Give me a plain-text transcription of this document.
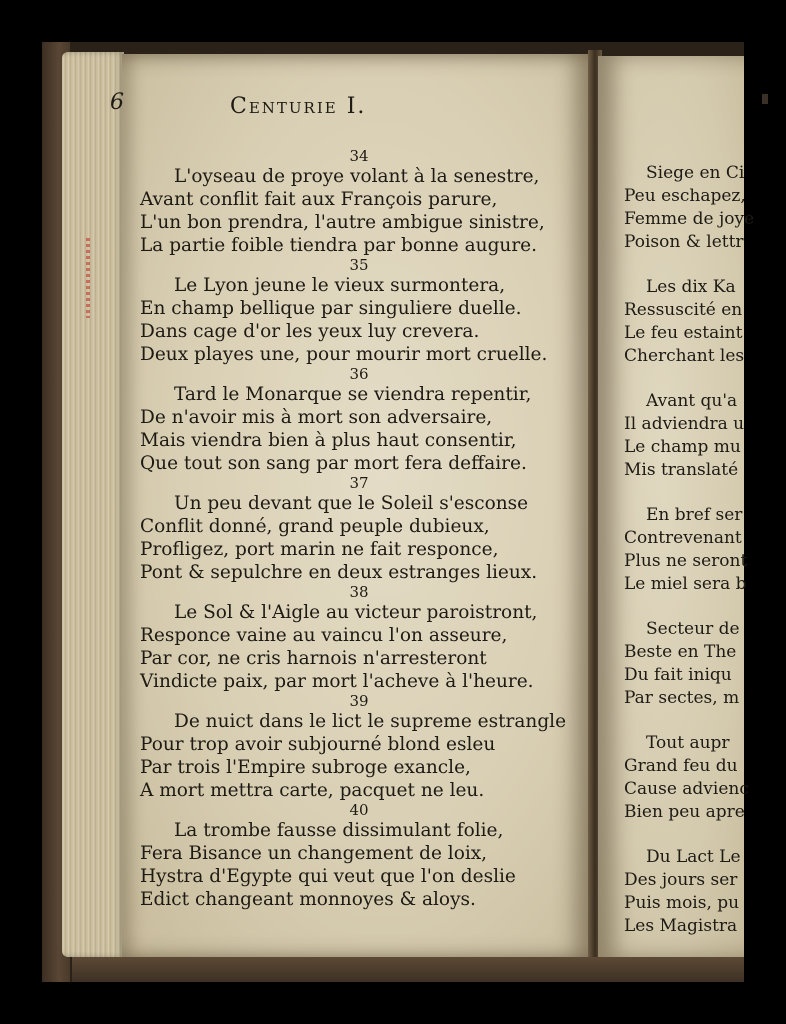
6	Centurie I.
34
L'oyseau de proye volant à la senestre,
Avant conflit fait aux François parure,
L'un bon prendra, l'autre ambigue sinistre,
La partie foible tiendra par bonne augure.
35
Le Lyon jeune le vieux surmontera,
En champ bellique par singuliere duelle.
Dans cage d'or les yeux luy crevera.
Deux playes une, pour mourir mort cruelle.
36
Tard le Monarque se viendra repentir,
De n'avoir mis à mort son adversaire,
Mais viendra bien à plus haut consentir,
Que tout son sang par mort fera deffaire.
37
Un peu devant que le Soleil s'esconse
Conflit donné, grand peuple dubieux,
Profligez, port marin ne fait responce,
Pont & sepulchre en deux estranges lieux.
38
Le Sol & l'Aigle au victeur paroistront,
Responce vaine au vaincu l'on asseure,
Par cor, ne cris harnois n'arresteront
Vindicte paix, par mort l'acheve à l'heure.
39
De nuict dans le lict le supreme estrangle
Pour trop avoir subjourné blond esleu
Par trois l'Empire subroge exancle,
A mort mettra carte, pacquet ne leu.
40
La trombe fausse dissimulant folie,
Fera Bisance un changement de loix,
Hystra d'Egypte qui veut que l'on deslie
Edict changeant monnoyes & aloys.
Siege en Ci
Peu eschapez,
Femme de joye
Poison & lettr
Les dix Ka
Ressuscité en
Le feu estaint
Cherchant les
Avant qu'a
Il adviendra u
Le champ mu
Mis translaté
En bref ser
Contrevenant
Plus ne seront
Le miel sera b
Secteur de
Beste en The
Du fait iniqu
Par sectes, m
Tout aupr
Grand feu du
Cause advienc
Bien peu apre
Du Lact Le
Des jours ser
Puis mois, pu
Les Magistra
